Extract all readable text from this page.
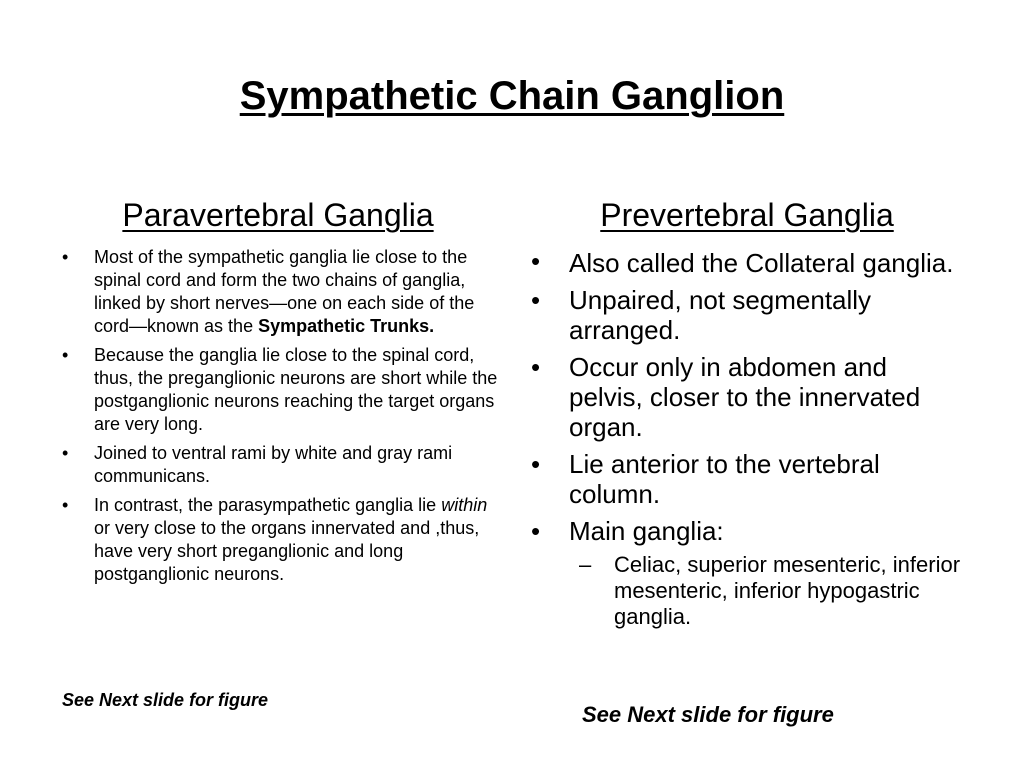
Sympathetic Chain Ganglion
Paravertebral Ganglia	Prevertebral Ganglia
• Most of the sympathetic ganglia lie close to the spinal cord and form the two chains of ganglia, linked by short nerves—one on each side of the cord—known as the Sympathetic Trunks.
• Because the ganglia lie close to the spinal cord, thus, the preganglionic neurons are short while the postganglionic neurons reaching the target organs are very long.
• Joined to ventral rami by white and gray rami communicans.
• In contrast, the parasympathetic ganglia lie within or very close to the organs innervated and ,thus, have very short preganglionic and long postganglionic neurons.
See Next slide for figure
• Also called the Collateral ganglia.
• Unpaired, not segmentally arranged.
• Occur only in abdomen and pelvis, closer to the innervated organ.
• Lie anterior to the vertebral column.
• Main ganglia:
– Celiac, superior mesenteric, inferior mesenteric, inferior hypogastric ganglia.
See Next slide for figure
